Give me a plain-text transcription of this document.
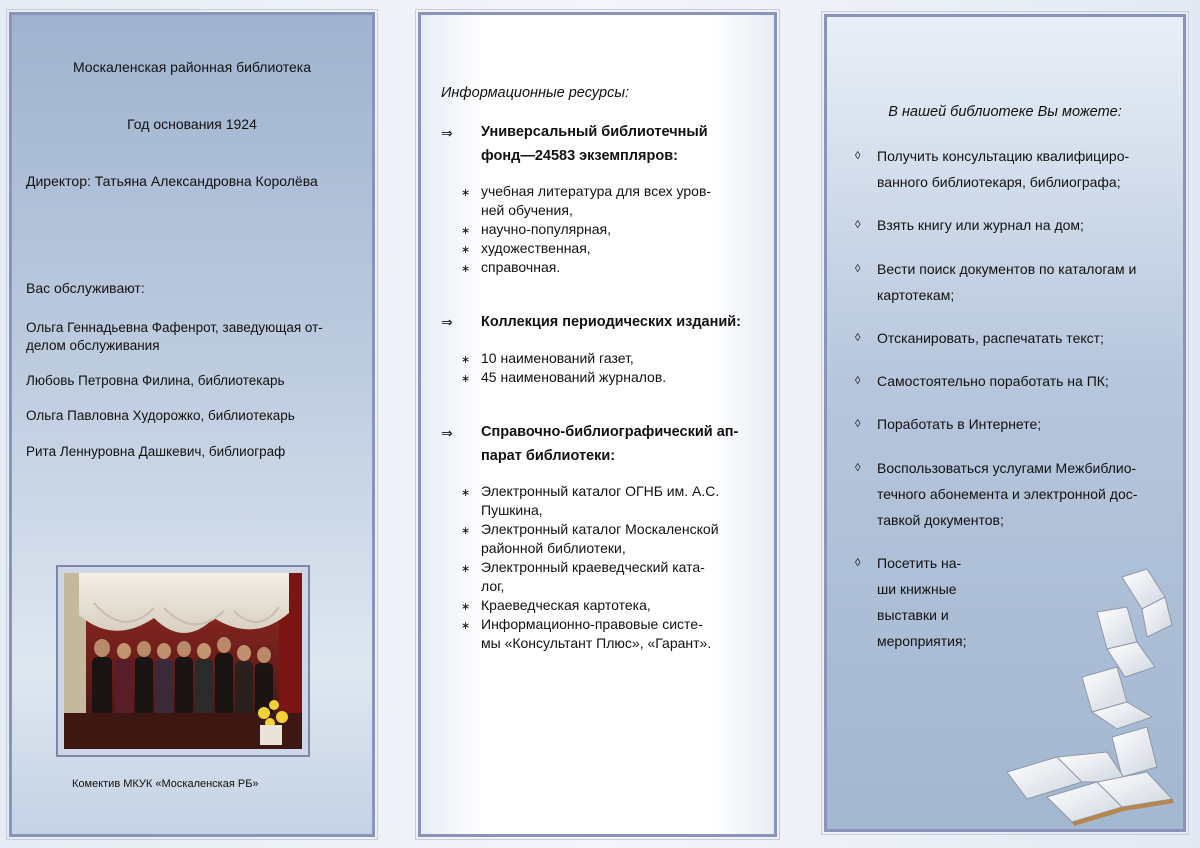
Москаленская районная библиотека
Год основания 1924
Директор: Татьяна Александровна Королёва
Вас обслуживают:
Ольга Геннадьевна Фафенрот, заведующая от-
делом обслуживания
Любовь Петровна Филина, библиотекарь
Ольга Павловна Худорожко, библиотекарь
Рита Леннуровна Дашкевич, библиограф
Комектив МКУК «Москаленская РБ»
Информационные ресурсы:
⇒ Универсальный библиотечный
фонд—24583 экземпляров:
∗ учебная литература для всех уров-
ней обучения,
∗ научно-популярная,
∗ художественная,
∗ справочная.
⇒ Коллекция периодических изданий:
∗ 10 наименований газет,
∗ 45 наименований журналов.
⇒ Справочно-библиографический ап-
парат библиотеки:
∗ Электронный каталог ОГНБ им. А.С.
Пушкина,
∗ Электронный каталог Москаленской
районной библиотеки,
∗ Электронный краеведческий ката-
лог,
∗ Краеведческая картотека,
∗ Информационно-правовые систе-
мы «Консультант Плюс», «Гарант».
В нашей библиотеке Вы можете:
◊ Получить консультацию квалифициро-
ванного библиотекаря, библиографа;
◊ Взять книгу или журнал на дом;
◊ Вести поиск документов по каталогам и
картотекам;
◊ Отсканировать, распечатать текст;
◊ Самостоятельно поработать на ПК;
◊ Поработать в Интернете;
◊ Воспользоваться услугами Межбиблио-
течного абонемента и электронной дос-
тавкой документов;
◊ Посетить на-
ши книжные
выставки и
мероприятия;
